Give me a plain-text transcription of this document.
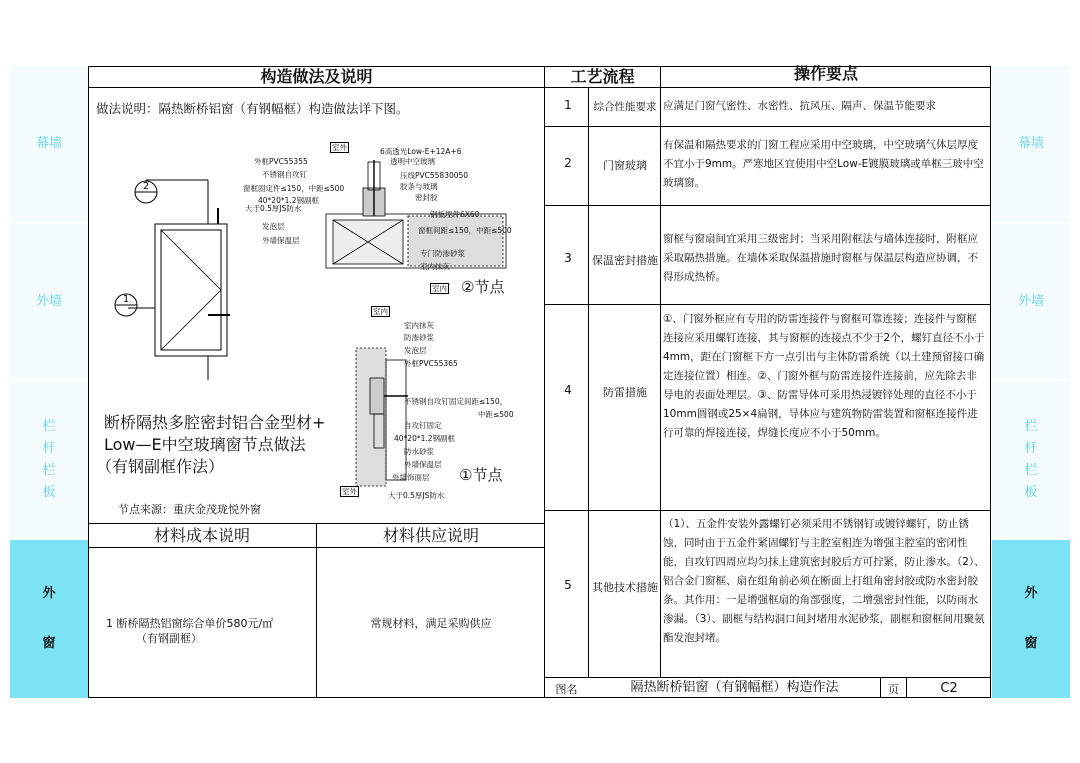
幕墙
外墙
栏杆栏板
外窗
幕墙
外墙
栏杆栏板
外窗
构造做法及说明	工艺流程	操作要点
材料成本说明	材料供应说明
做法说明：隔热断桥铝窗（有钢幅框）构造做法详下图。
2
1
室外	6高透光Low-E+12A+6
透明中空玻璃
外框PVC55355
压线PVC55830050
不锈钢自攻钉
胶条与玻璃
窗框固定件≤150，中距≤500
密封胶
40*20*1.2钢副框
大于0.5厚JS防水
钢板埋件6X60
发泡层	窗框间距≤150，中距≤500
外墙保温层
专门防渗砂浆
室内抹灰
室内 ②节点
室内
室内抹灰
防渗砂浆
发泡层
外框PVC55365
不锈钢自攻钉固定间距≤150，
中距≤500
自攻钉固定
40*20*1.2钢副框
防水砂浆
外墙保温层
外墙饰面层
室外	大于0.5厚JS防水
①节点
断桥隔热多腔密封铝合金型材+
Low—E中空玻璃窗节点做法
（有钢副框作法）
节点来源：重庆金茂珑悦外窗
1	综合性能要求 应满足门窗气密性、水密性、抗风压、隔声、保温节能要求
2	门窗玻璃
有保温和隔热要求的门窗工程应采用中空玻璃，中空玻璃气体层厚度不宜小于9mm。严寒地区宜使用中空Low-E镀膜玻璃或单框三玻中空玻璃窗。
3	保温密封措施
窗框与窗扇间宜采用三级密封；当采用附框法与墙体连接时，附框应采取隔热措施。在墙体采取保温措施时窗框与保温层构造应协调，不得形成热桥。
4	防雷措施
①、门窗外框应有专用的防雷连接件与窗框可靠连接；连接件与窗框连接应采用螺钉连接，其与窗框的连接点不少于2个，螺钉直径不小于4mm，距在门窗框下方一点引出与主体防雷系统（以土建预留接口确定连接位置）相连。②、门窗外框与防雷连接件连接前，应先除去非导电的表面处理层。③、防雷导体可采用热浸镀锌处理的直径不小于10mm圆钢或25×4扁钢，导体应与建筑物防雷装置和窗框连接件进行可靠的焊接连接，焊缝长度应不小于50mm。
5	其他技术措施
（1）、五金件安装外露螺钉必须采用不锈钢钉或镀锌螺钉，防止锈蚀，同时由于五金件紧固螺钉与主腔室相连为增强主腔室的密闭性能，自攻钉四周应均匀抹上建筑密封胶后方可拧紧，防止渗水。（2）、铝合金门窗框、扇在组角前必须在断面上打组角密封胶或防水密封胶条。其作用：一是增强框扇的角部强度，二增强密封性能，以防雨水渗漏。（3）、副框与结构洞口间封堵用水泥砂浆，副框和窗框间用聚氨酯发泡封堵。
1 断桥隔热铝窗综合单价580元/㎡
（有钢副框）
常规材料，满足采购供应
图名	隔热断桥铝窗（有钢幅框）构造作法	页	C2
